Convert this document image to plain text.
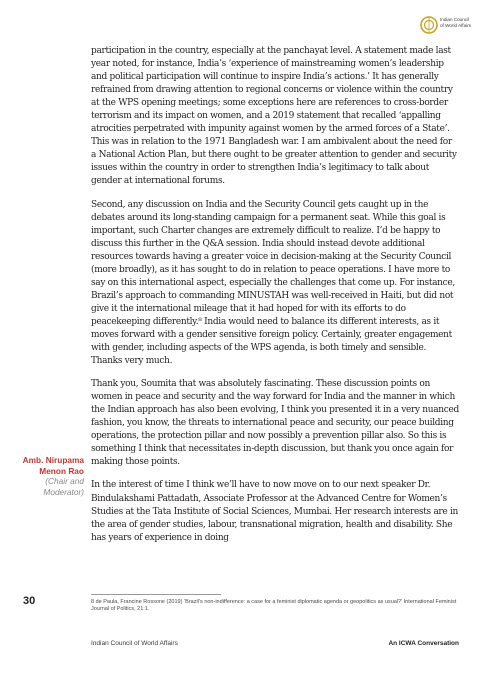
Indian Council
of World Affairs

participation in the country, especially at the panchayat level. A statement made last year noted, for instance, India’s ‘experience of mainstreaming women’s leadership and political participation will continue to inspire India’s actions.’ It has generally refrained from drawing attention to regional concerns or violence within the country at the WPS opening meetings; some exceptions here are references to cross-border terrorism and its impact on women, and a 2019 statement that recalled ‘appalling atrocities perpetrated with impunity against women by the armed forces of a State’. This was in relation to the 1971 Bangladesh war. I am ambivalent about the need for a National Action Plan, but there ought to be greater attention to gender and security issues within the country in order to strengthen India’s legitimacy to talk about gender at international forums.

Second, any discussion on India and the Security Council gets caught up in the debates around its long-standing campaign for a permanent seat. While this goal is important, such Charter changes are extremely difficult to realize. I’d be happy to discuss this further in the Q&A session. India should instead devote additional resources towards having a greater voice in decision-making at the Security Council (more broadly), as it has sought to do in relation to peace operations. I have more to say on this international aspect, especially the challenges that come up. For instance, Brazil’s approach to commanding MINUSTAH was well-received in Haiti, but did not give it the international mileage that it had hoped for with its efforts to do peacekeeping differently.⁸ India would need to balance its different interests, as it moves forward with a gender sensitive foreign policy. Certainly, greater engagement with gender, including aspects of the WPS agenda, is both timely and sensible. Thanks very much.

Thank you, Soumita that was absolutely fascinating. These discussion points on women in peace and security and the way forward for India and the manner in which the Indian approach has also been evolving, I think you presented it in a very nuanced fashion, you know, the threats to international peace and security, our peace building operations, the protection pillar and now possibly a prevention pillar also. So this is something I think that necessitates in-depth discussion, but thank you once again for making those points.

In the interest of time I think we’ll have to now move on to our next speaker Dr. Bindulakshami Pattadath, Associate Professor at the Advanced Centre for Women’s Studies at the Tata Institute of Social Sciences, Mumbai. Her research interests are in the area of gender studies, labour, transnational migration, health and disability. She has years of experience in doing

Amb. Nirupama Menon Rao (Chair and Moderator)
30	8 de Paula, Francine Rossone (2019) ‘Brazil’s non-indifference: a case for a feminist diplomatic agenda or geopolitics as usual?’ International Feminist Journal of Politics, 21:1.
Indian Council of World Affairs	An ICWA Conversation
